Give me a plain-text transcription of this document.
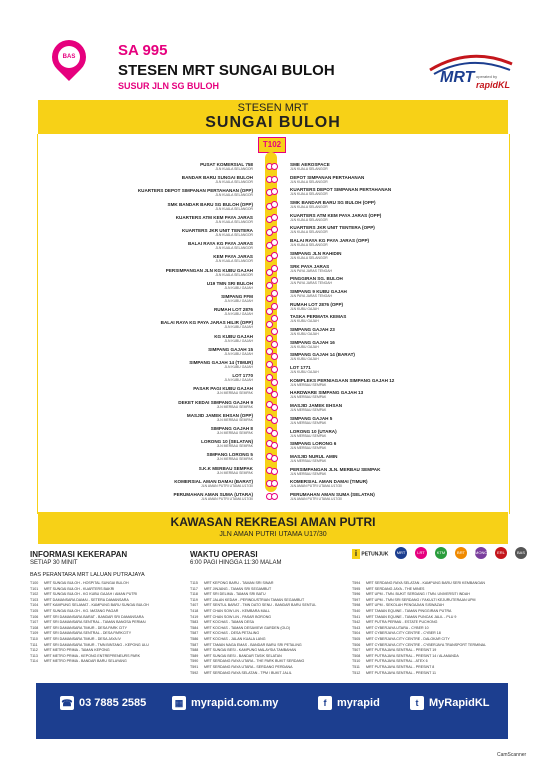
BAS	SA 995
STESEN MRT SUNGAI BULOH
SUSUR JLN SG BULOH	MRT operated by
rapidKL
STESEN MRT
SUNGAI BULOH
T102
PUSAT KOMERSIAL 758
JLN KUALA SELANGOR
BANDAR BARU SUNGAI BULOH
JLN KUALA SELANGOR
KUARTERS DEPOT SIMPANAN PERTAHANAN (OPP)
JLN KUALA SELANGOR
SMK BANDAR BARU SG BULOH (OPP)
JLN KUALA SELANGOR
KUARTERS ATM KEM PAYA JARAS
JLN KUALA SELANGOR
KUARTERS JKR UNIT TENTERA
JLN KUALA SELANGOR
BALAI RAYA KG PAYA JARAS
JLN KUALA SELANGOR
KEM PAYA JARAS
JLN KUALA SELANGOR
PERSIMPANGAN JLN KG KUBU GAJAH
JLN KUALA SELANGOR
U19 TMN SRI BULOH
JLN KUBU GAJAH
SIMPANG FFM
JLN KUBU GAJAH
RUMAH LOT 2876
JLN KUBU GAJAH
BALAI RAYA KG PAYA JARAS HILIR (OPP)
JLN KUBU GAJAH
KG KUBU GAJAH
JLN KUBU GAJAH
SIMPANG GAJAH 15
JLN KUBU GAJAH
SIMPANG GAJAH 14 (TIMUR)
JLN KUBU GAJAH
LOT 1770
JLN KUBU GAJAH
PASAR PAGI KUBU GAJAH
JLN MERBAU SEMPAK
DEKET KEDAI SIMPANG GAJAH 9
JLN MERBAU SEMPAK
MASJID JAMEK EHSAN (OPP)
JLN MERBAU SEMPAK
SIMPANG GAJAH 8
JLN MERBAU SEMPAK
LORONG 10 (SELATAN)
JLN MERBAU SEMPAK
SIMPANG LORONG 5
JLN MERBAU SEMPAK
S.K.K MERBAU SEMPAK
JLN MERBAU SEMPAK
KOMERSIAL AMAN DAMAI (BARAT)
JLN AMAN PUTRI UTAMA U17/30
PERUMAHAN AMAN SUMA (UTARA)
JLN AMAN PUTRI UTAMA U17/30
SME AEROSPACE
JLN KUALA SELANGOR
DEPOT SIMPANAN PERTAHANAN
JLN KUALA SELANGOR
KUARTERS DEPOT SIMPANAN PERTAHANAN
JLN KUALA SELANGOR
SMK BANDAR BARU SG BULOH (OPP)
JLN KUALA SELANGOR
KUARTERS ATM KEM PAYA JARAS (OPP)
JLN KUALA SELANGOR
KUARTERS JKR UNIT TENTERA (OPP)
JLN KUALA SELANGOR
BALAI RAYA KG PAYA JARAS (OPP)
JLN KUALA SELANGOR
SIMPANG JLN RAHIDIN
JLN KUALA SELANGOR
SRK PAYA JARAS
JLN PAYA JARAS TENGAH
PINGGIRAN SG. BULOH
JLN PAYA JARAS TENGAH
SIMPANG 9 KUBU GAJAH
JLN PAYA JARAS TENGAH
RUMAH LOT 2876 (OPP)
JLN KUBU GAJAH
TASKA PERMATA KEMAS
JLN KUBU GAJAH
SIMPANG GAJAH 23
JLN KUBU GAJAH
SIMPANG GAJAH 16
JLN KUBU GAJAH
SIMPANG GAJAH 14 (BARAT)
JLN KUBU GAJAH
LOT 1771
JLN KUBU GAJAH
KOMPLEKS PERNIAGAAN SIMPANG GAJAH 12
JLN MERBAU SEMPAK
HARDWARE SIMPANG GAJAH 13
JLN MERBAU SEMPAK
MASJID JAMEK EHSAN
JLN MERBAU SEMPAK
SIMPANG GAJAH 5
JLN MERBAU SEMPAK
LORONG 10 (UTARA)
JLN MERBAU SEMPAK
SIMPANG LORONG 6
JLN MERBAU SEMPAK
MASJID NURUL AMIN
JLN MERBAU SEMPAK
PERSIMPANGAN JLN. MERBAU SEMPAK
JLN MERBAU SEMPAK
KOMERSIAL AMAN DAMAI (TIMUR)
JLN AMAN PUTRI UTAMA U17/30
PERUMAHAN AMAN SUMA (SELATAN)
JLN AMAN PUTRI UTAMA U17/30
KAWASAN REKREASI AMAN PUTRI
JLN AMAN PUTRI UTAMA U17/30
INFORMASI KEKERAPAN
SETIAP 30 MINIT
WAKTU OPERASI
6:00 PAGI HINGGA 11:30 MALAM
i PETUNJUK	MRT	LRT	KTM	BRT	MONO	ERL	BAS
BAS PERANTARA MRT LALUAN PUTRAJAYA
T100 MRT SUNGAI BULOH - HOSPITAL SUNGAI BULOH
T101 MRT SUNGAI BULOH - KUARTERS BAKRI
T102 MRT SUNGAI BULOH - KG KUBU GAJAH / AMAN PUTRI
T103 MRT DAMANSARA DAMAI - SETERA DAMANSARA
T104 MRT KAMPUNG SELAMAT - KAMPUNG BARU SUNGAI BULOH
T105 MRT SUNGAI BULOH - KG. MATANG PAGAR
T106 MRT SRI DAMANSARA BARAT - BANDAR SRI DAMANSARA
T107 MRT SRI DAMANSARA SENTRAL - TAMAN BANGSA PERMAI
T108 MRT SRI DAMANSARA TIMUR - DESA PARK CITY
T109 MRT SRI DAMANSARA SENTRAL - DESA PARKCITY
T110 MRT SRI DAMANSARA TIMUR - DESA JAYA IV
T111 MRT SRI DAMANSARA TIMUR - TMN BINTANG - KEPONG ULU
T112 MRT METRO PRIMA - TAMAN KEPONG
T113 MRT METRO PRIMA - KEPONG ENTREPRENEURS PARK
T114 MRT METRO PRIMA - BANDAR BARU SELAYANG
T115 MRT KEPONG BARU - TAMAN SRI SINAR
T117 MRT JINJANG - TAMAN SRI SEGAMBUT
T118 MRT SRI DELIMA - TAMAN SRI BATU
T119 MRT JALAN KEDAH - PERINDUSTRIAN TAMAN SEGAMBUT
T407 MRT SENTUL BARAT - TMN DATO SENU - BANDAR BARU SENTUL
T418 MRT CHAN SOW LIN - KEMBARA MALL
T419 MRT CHAN SOW LIN - PASAR BORONG
T583 MRT KOCHAS - TAMAN DESA
T584 MRT KOCHAS - TAMAN DESAVIEW GARDEN (OLD)
T587 MRT KOCHAS - DESA PETALING
T586 MRT KOCHAS - JALAN KUALA LANG
T587 MRT TAMAN NAGA EMAS - BANDAR BARU SRI PETALING
T588 MRT SUNGAI BESI - KAMPUNG MALAYSIA TAMBAHAN
T589 MRT SUNGAI BESI - BANDAR TASIK SELATAN
T590 MRT SERDANG RAYA UTARA - THE PARK BUKIT SERDANG
T591 MRT SERDANG RAYA UTARA - SERDANG PERDANA
T592 MRT SERDANG RAYA SELATAN - TPM / BUKIT JALIL
T594 MRT SERDANG RAYA SELATAN - KAMPUNG BARU SERI KEMBANGAN
T595 MRT SERDANG JAYA - THE MINES
T596 MRT UPM - TMN. BUKIT SERDANG / TMN. UNIVERSITI INDAH
T597 MRT UPM - TMN SRI SERDANG / FAKULTI KEJURUTERAAN UPM
T598 MRT UPM - SEKOLAH PENGAJIAN SISWAZAH
T540 MRT TAMAN EQUINE - TAMAN PINGGIRAN PUTRA
T541 MRT TAMAN EQUINE - TAMAN PUNCAK JALIL - PLU 9
T542 MRT PUTRA PERMAI - ESTATE PUCHONG
T543 MRT CYBERJAYA UTARA - CYBER 10
T504 MRT CYBERJAYA CITY CENTRE - CYBER 18
T505 MRT CYBERJAYA CITY CENTRE - DALOKAR CITY
T506 MRT CYBERJAYA CITY CENTRE - CYBERJAYA TRANSPORT TERMINAL
T507 MRT PUTRAJAYA SENTRAL - PRESINT 19
T508 MRT PUTRAJAYA SENTRAL - PRESINT 14 / ALAMANDA
T510 MRT PUTRAJAYA SENTRAL - ATEX 6
T511 MRT PUTRAJAYA SENTRAL - PRESINT 8
T512 MRT PUTRAJAYA SENTRAL - PRESINT 11
☎ 03 7885 2585	▦ myrapid.com.my	f myrapid	t MyRapidKL
CamScanner
